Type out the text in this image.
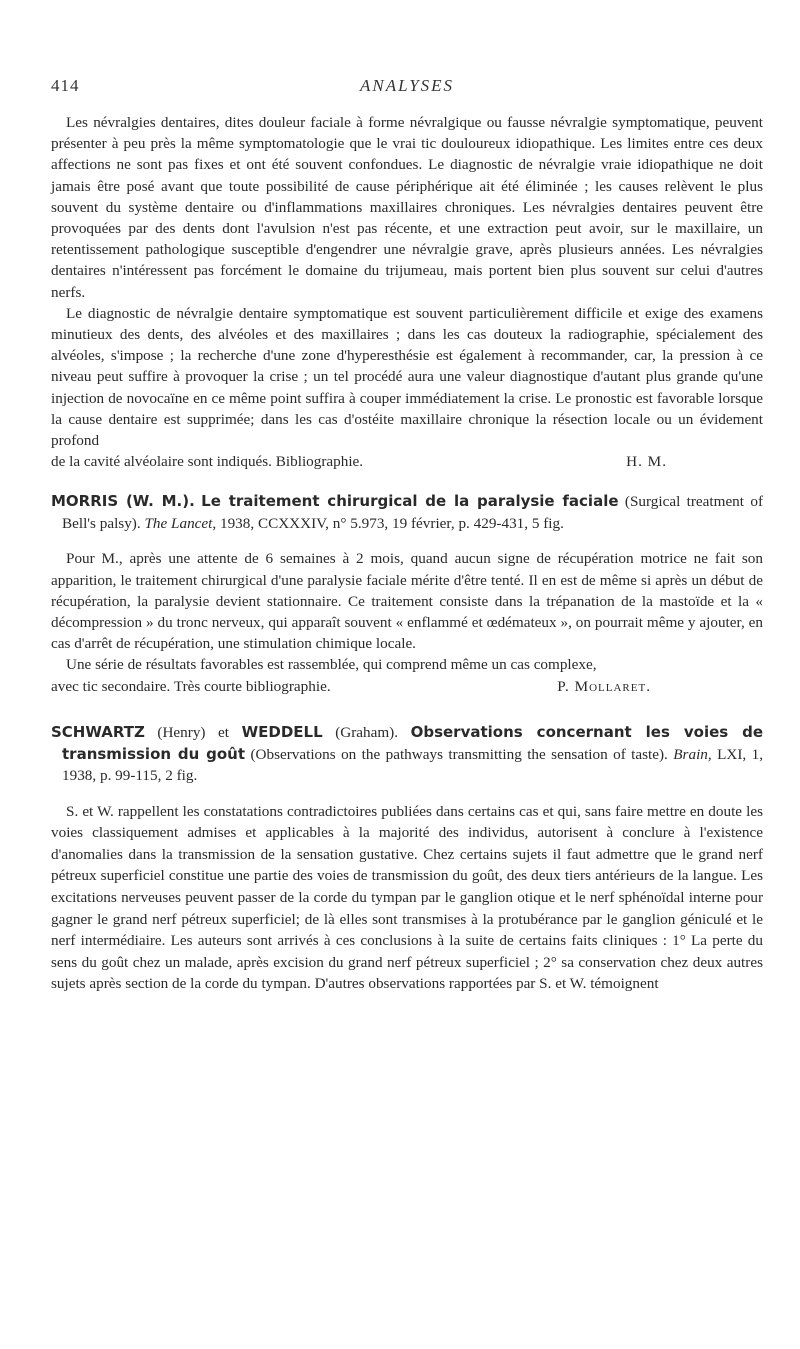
414	ANALYSES

Les névralgies dentaires, dites douleur faciale à forme névralgique ou fausse névralgie symptomatique, peuvent présenter à peu près la même symptomatologie que le vrai tic douloureux idiopathique. Les limites entre ces deux affections ne sont pas fixes et ont été souvent confondues. Le diagnostic de névralgie vraie idiopathique ne doit jamais être posé avant que toute possibilité de cause périphérique ait été éliminée ; les causes relèvent le plus souvent du système dentaire ou d'inflammations maxillaires chroniques. Les névralgies dentaires peuvent être provoquées par des dents dont l'avulsion n'est pas récente, et une extraction peut avoir, sur le maxillaire, un retentissement pathologique susceptible d'engendrer une névralgie grave, après plusieurs années. Les névralgies dentaires n'intéressent pas forcément le domaine du trijumeau, mais portent bien plus souvent sur celui d'autres nerfs.

Le diagnostic de névralgie dentaire symptomatique est souvent particulièrement difficile et exige des examens minutieux des dents, des alvéoles et des maxillaires ; dans les cas douteux la radiographie, spécialement des alvéoles, s'impose ; la recherche d'une zone d'hyperesthésie est également à recommander, car, la pression à ce niveau peut suffire à provoquer la crise ; un tel procédé aura une valeur diagnostique d'autant plus grande qu'une injection de novocaïne en ce même point suffira à couper immédiatement la crise. Le pronostic est favorable lorsque la cause dentaire est supprimée; dans les cas d'ostéite maxillaire chronique la résection locale ou un évidement profond

de la cavité alvéolaire sont indiqués. Bibliographie.	H. M.
MORRIS (W. M.). Le traitement chirurgical de la paralysie faciale (Surgical treatment of Bell's palsy). The Lancet, 1938, CCXXXIV, n° 5.973, 19 février, p. 429-431, 5 fig.

Pour M., après une attente de 6 semaines à 2 mois, quand aucun signe de récupération motrice ne fait son apparition, le traitement chirurgical d'une paralysie faciale mérite d'être tenté. Il en est de même si après un début de récupération, la paralysie devient stationnaire. Ce traitement consiste dans la trépanation de la mastoïde et la « décompression » du tronc nerveux, qui apparaît souvent « enflammé et œdémateux », on pourrait même y ajouter, en cas d'arrêt de récupération, une stimulation chimique locale.

Une série de résultats favorables est rassemblée, qui comprend même un cas complexe,

avec tic secondaire. Très courte bibliographie.	P. Mollaret.
SCHWARTZ (Henry) et WEDDELL (Graham). Observations concernant les voies de transmission du goût (Observations on the pathways transmitting the sensation of taste). Brain, LXI, 1, 1938, p. 99-115, 2 fig.

S. et W. rappellent les constatations contradictoires publiées dans certains cas et qui, sans faire mettre en doute les voies classiquement admises et applicables à la majorité des individus, autorisent à conclure à l'existence d'anomalies dans la transmission de la sensation gustative. Chez certains sujets il faut admettre que le grand nerf pétreux superficiel constitue une partie des voies de transmission du goût, des deux tiers antérieurs de la langue. Les excitations nerveuses peuvent passer de la corde du tympan par le ganglion otique et le nerf sphénoïdal interne pour gagner le grand nerf pétreux superficiel; de là elles sont transmises à la protubérance par le ganglion géniculé et le nerf intermédiaire. Les auteurs sont arrivés à ces conclusions à la suite de certains faits cliniques : 1° La perte du sens du goût chez un malade, après excision du grand nerf pétreux superficiel ; 2° sa conservation chez deux autres sujets après section de la corde du tympan. D'autres observations rapportées par S. et W. témoignent
